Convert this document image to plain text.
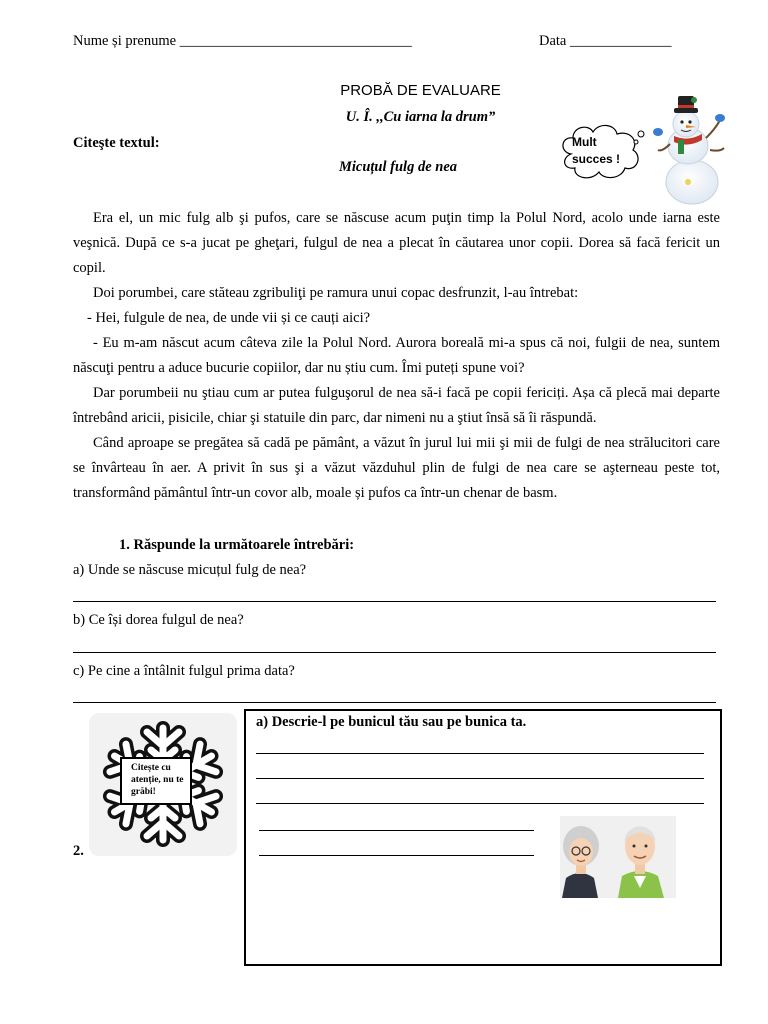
Nume și prenume ________________________________	Data ______________
PROBĂ DE EVALUARE
U. Î. ,,Cu iarna la drum”
Citeşte textul:
Micuțul fulg de nea
Mult succes !

Era el, un mic fulg alb şi pufos, care se născuse acum puţin timp la Polul Nord, acolo unde iarna este veşnică. După ce s-a jucat pe gheţari, fulgul de nea a plecat în căutarea unor copii. Dorea să facă fericit un copil.

Doi porumbei, care stăteau zgribuliţi pe ramura unui copac desfrunzit, l-au întrebat:

- Hei, fulgule de nea, de unde vii și ce cauți aici?

- Eu m-am născut acum câteva zile la Polul Nord. Aurora boreală mi-a spus că noi, fulgii de nea, suntem născuţi pentru a aduce bucurie copiilor, dar nu știu cum. Îmi puteți spune voi?

Dar porumbeii nu ştiau cum ar putea fulguşorul de nea să-i facă pe copii fericiți. Așa că plecă mai departe întrebând aricii, pisicile, chiar şi statuile din parc, dar nimeni nu a ştiut însă să îi răspundă.

Când aproape se pregătea să cadă pe pământ, a văzut în jurul lui mii şi mii de fulgi de nea strălucitori care se învârteau în aer. A privit în sus şi a văzut văzduhul plin de fulgi de nea care se aşterneau peste tot, transformând pământul într-un covor alb, moale și pufos ca într-un chenar de basm.

1. Răspunde la următoarele întrebări:
a) Unde se născuse micuțul fulg de nea?
b) Ce își dorea fulgul de nea?
c) Pe cine a întâlnit fulgul prima data?
Citește cu atenție, nu te grăbi!
2.
a) Descrie-l pe bunicul tău sau pe bunica ta.
